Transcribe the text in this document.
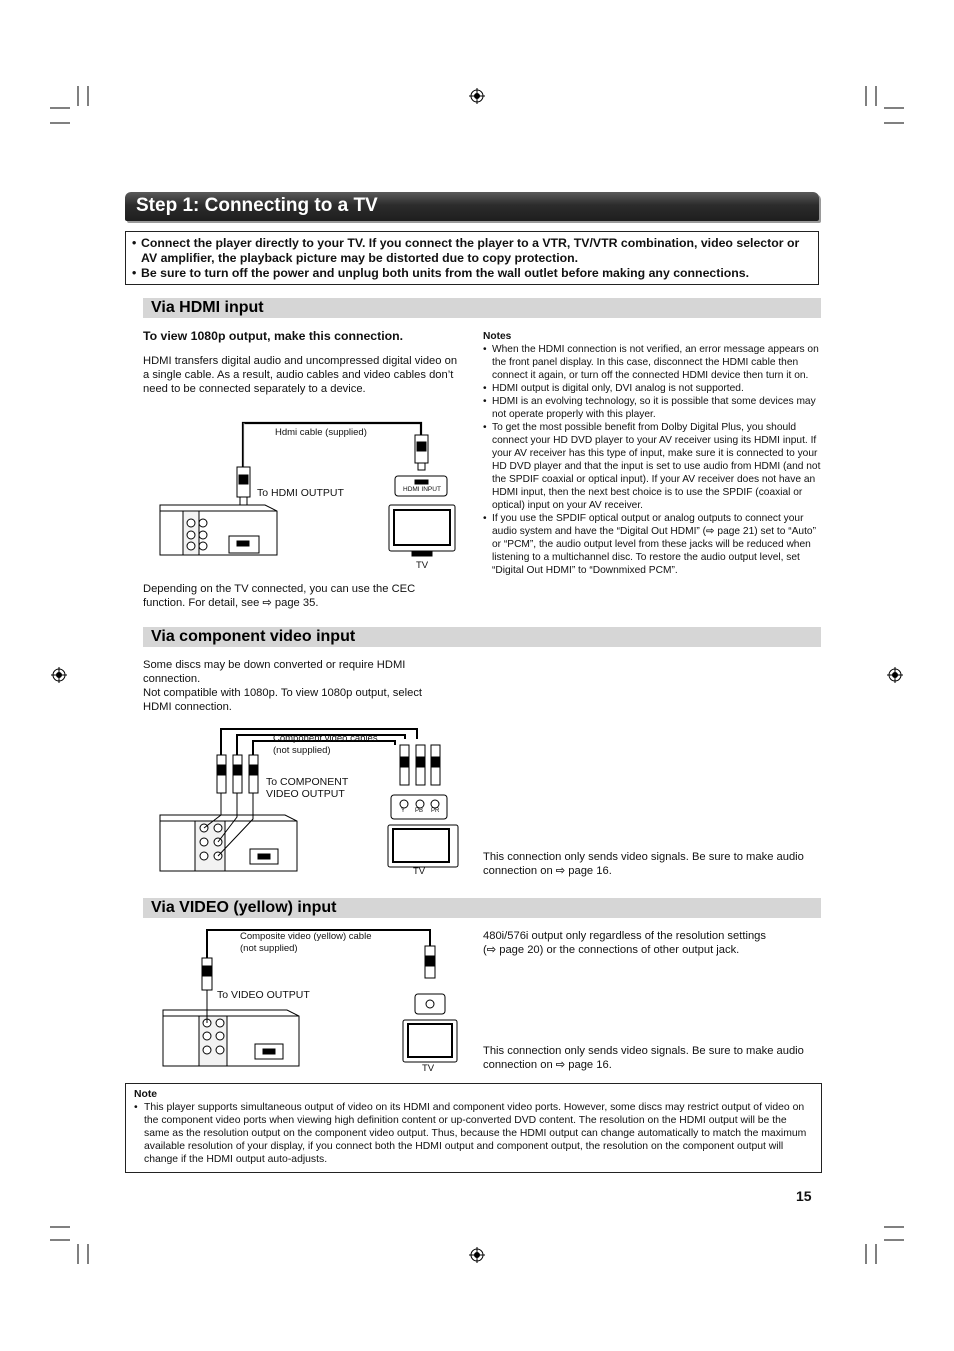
Step 1: Connecting to a TV
• Connect the player directly to your TV. If you connect the player to a VTR, TV/VTR combination, video selector or AV amplifier, the playback picture may be distorted due to copy protection.
• Be sure to turn off the power and unplug both units from the wall outlet before making any connections.
Via HDMI input
To view 1080p output, make this connection.
HDMI transfers digital audio and uncompressed digital video on a single cable. As a result, audio cables and video cables don’t need to be connected separately to a device.
Hdmi cable (supplied)
To HDMI OUTPUT	HDMI INPUT
TV
Depending on the TV connected, you can use the CEC function. For detail, see ⇨ page 35.
Notes
• When the HDMI connection is not verified, an error message appears on the front panel display. In this case, disconnect the HDMI cable then connect it again, or turn off the connected HDMI device then turn it on.
• HDMI output is digital only, DVI analog is not supported.
• HDMI is an evolving technology, so it is possible that some devices may not operate properly with this player.
• To get the most possible benefit from Dolby Digital Plus, you should connect your HD DVD player to your AV receiver using its HDMI input. If your AV receiver has this type of input, make sure it is connected to your HD DVD player and that the input is set to use audio from HDMI (and not the SPDIF coaxial or optical input). If your AV receiver does not have an HDMI input, then the next best choice is to use the SPDIF (coaxial or optical) input on your AV receiver.
• If you use the SPDIF optical output or analog outputs to connect your audio system and have the “Digital Out HDMI” (⇨ page 21) set to “Auto” or “PCM”, the audio output level from these jacks will be reduced when listening to a multichannel disc. To restore the audio output level, set “Digital Out HDMI” to “Downmixed PCM”.
Via component video input
Some discs may be down converted or require HDMI connection.
Not compatible with 1080p. To view 1080p output, select HDMI connection.
Component video cables
(not supplied)
To COMPONENT
VIDEO OUTPUT
Y PB PR
TV
This connection only sends video signals. Be sure to make audio connection on ⇨ page 16.
Via VIDEO (yellow) input
Composite video (yellow) cable
(not supplied)
To VIDEO OUTPUT
TV
480i/576i output only regardless of the resolution settings
(⇨ page 20) or the connections of other output jack.
This connection only sends video signals. Be sure to make audio connection on ⇨ page 16.
Note
• This player supports simultaneous output of video on its HDMI and component video ports. However, some discs may restrict output of video on the component video ports when viewing high definition content or up-converted DVD content. The resolution on the HDMI output will be the same as the resolution output on the component video output. Thus, because the HDMI output can change automatically to match the maximum available resolution of your display, if you connect both the HDMI output and component output, the resolution on the component output will change if the HDMI output auto-adjusts.
15
